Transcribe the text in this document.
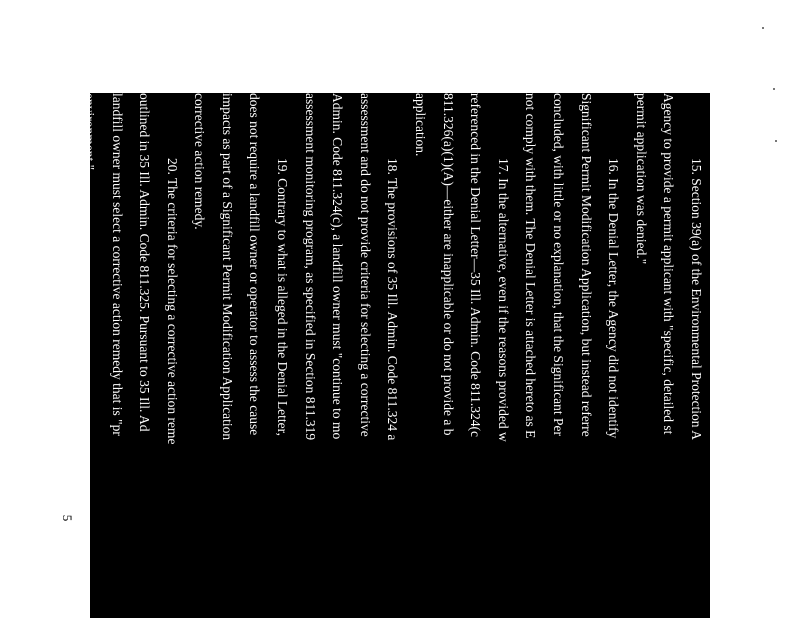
15. Section 39(a) of the Environmental Protection A
Agency to provide a permit applicant with "specific, detailed st
permit application was denied."
16. In the Denial Letter, the Agency did not identify
Significant Permit Modification Application, but instead referre
concluded, with little or no explanation, that the Significant Per
not comply with them. The Denial Letter is attached hereto as E
17. In the alternative, even if the reasons provided w
referenced in the Denial Letter—35 Ill. Admin. Code 811.324(c
811.326(a)(1)(A)—either are inapplicable or do not provide a b
application.
18. The provisions of 35 Ill. Admin. Code 811.324 a
assessment and do not provide criteria for selecting a corrective
Admin. Code 811.324(c), a landfill owner must "continue to mo
assessment monitoring program, as specified in Section 811.319
19. Contrary to what is alleged in the Denial Letter,
does not require a landfill owner or operator to assess the cause
impacts as part of a Significant Permit Modification Application
corrective action remedy.
20. The criteria for selecting a corrective action reme
outlined in 35 Ill. Admin. Code 811.325. Pursuant to 35 Ill. Ad
landfill owner must select a corrective action remedy that is "pr
environment."
5
